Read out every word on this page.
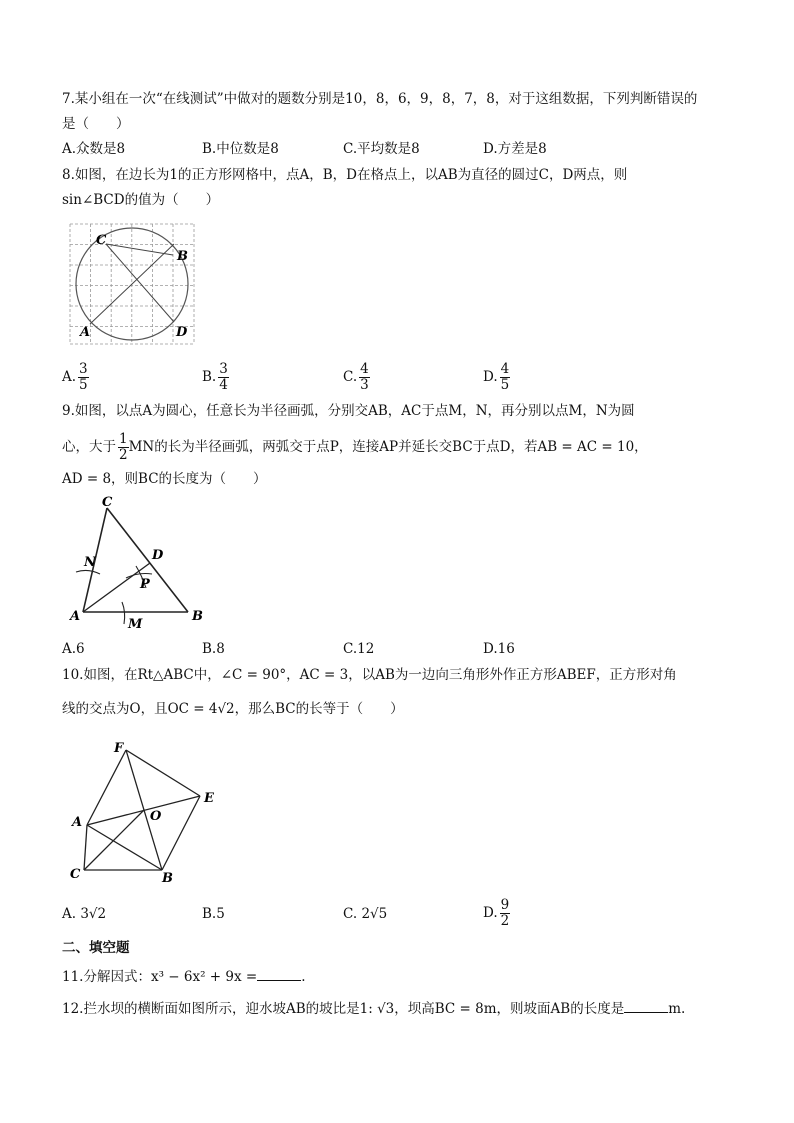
7.某小组在一次“在线测试”中做对的题数分别是10，8，6，9，8，7，8，对于这组数据，下列判断错误的
是（　　）
A.众数是8	B.中位数是8	C.平均数是8	D.方差是8
8.如图，在边长为1的正方形网格中，点A，B，D在格点上，以AB为直径的圆过C，D两点，则
sin∠BCD的值为（　　）
C
B
A	D
A. $\frac{3}{5}$	B. $\frac{3}{4}$	C. $\frac{4}{3}$	D. $\frac{4}{5}$
9.如图，以点A为圆心，任意长为半径画弧，分别交AB，AC于点M，N，再分别以点M，N为圆
心，大于 $\frac{1}{2}$ MN的长为半径画弧，两弧交于点P，连接AP并延长交BC于点D，若AB = AC = 10，
AD = 8，则BC的长度为（　　）
C
N	D
P
A
M
B
A.6	B.8	C.12	D.16
10.如图，在Rt△ABC中，∠C = 90°，AC = 3，以AB为一边向三角形外作正方形ABEF，正方形对角
线的交点为O，且OC = 4√2，那么BC的长等于（　　）
F
E
A	O
C	B
A. 3√2	B.5	C. 2√5	D. $\frac{9}{2}$
二、填空题
11.分解因式：x³ − 6x² + 9x =	.
12.拦水坝的横断面如图所示，迎水坡AB的坡比是1: √3，坝高BC = 8m，则坡面AB的长度是	m.
